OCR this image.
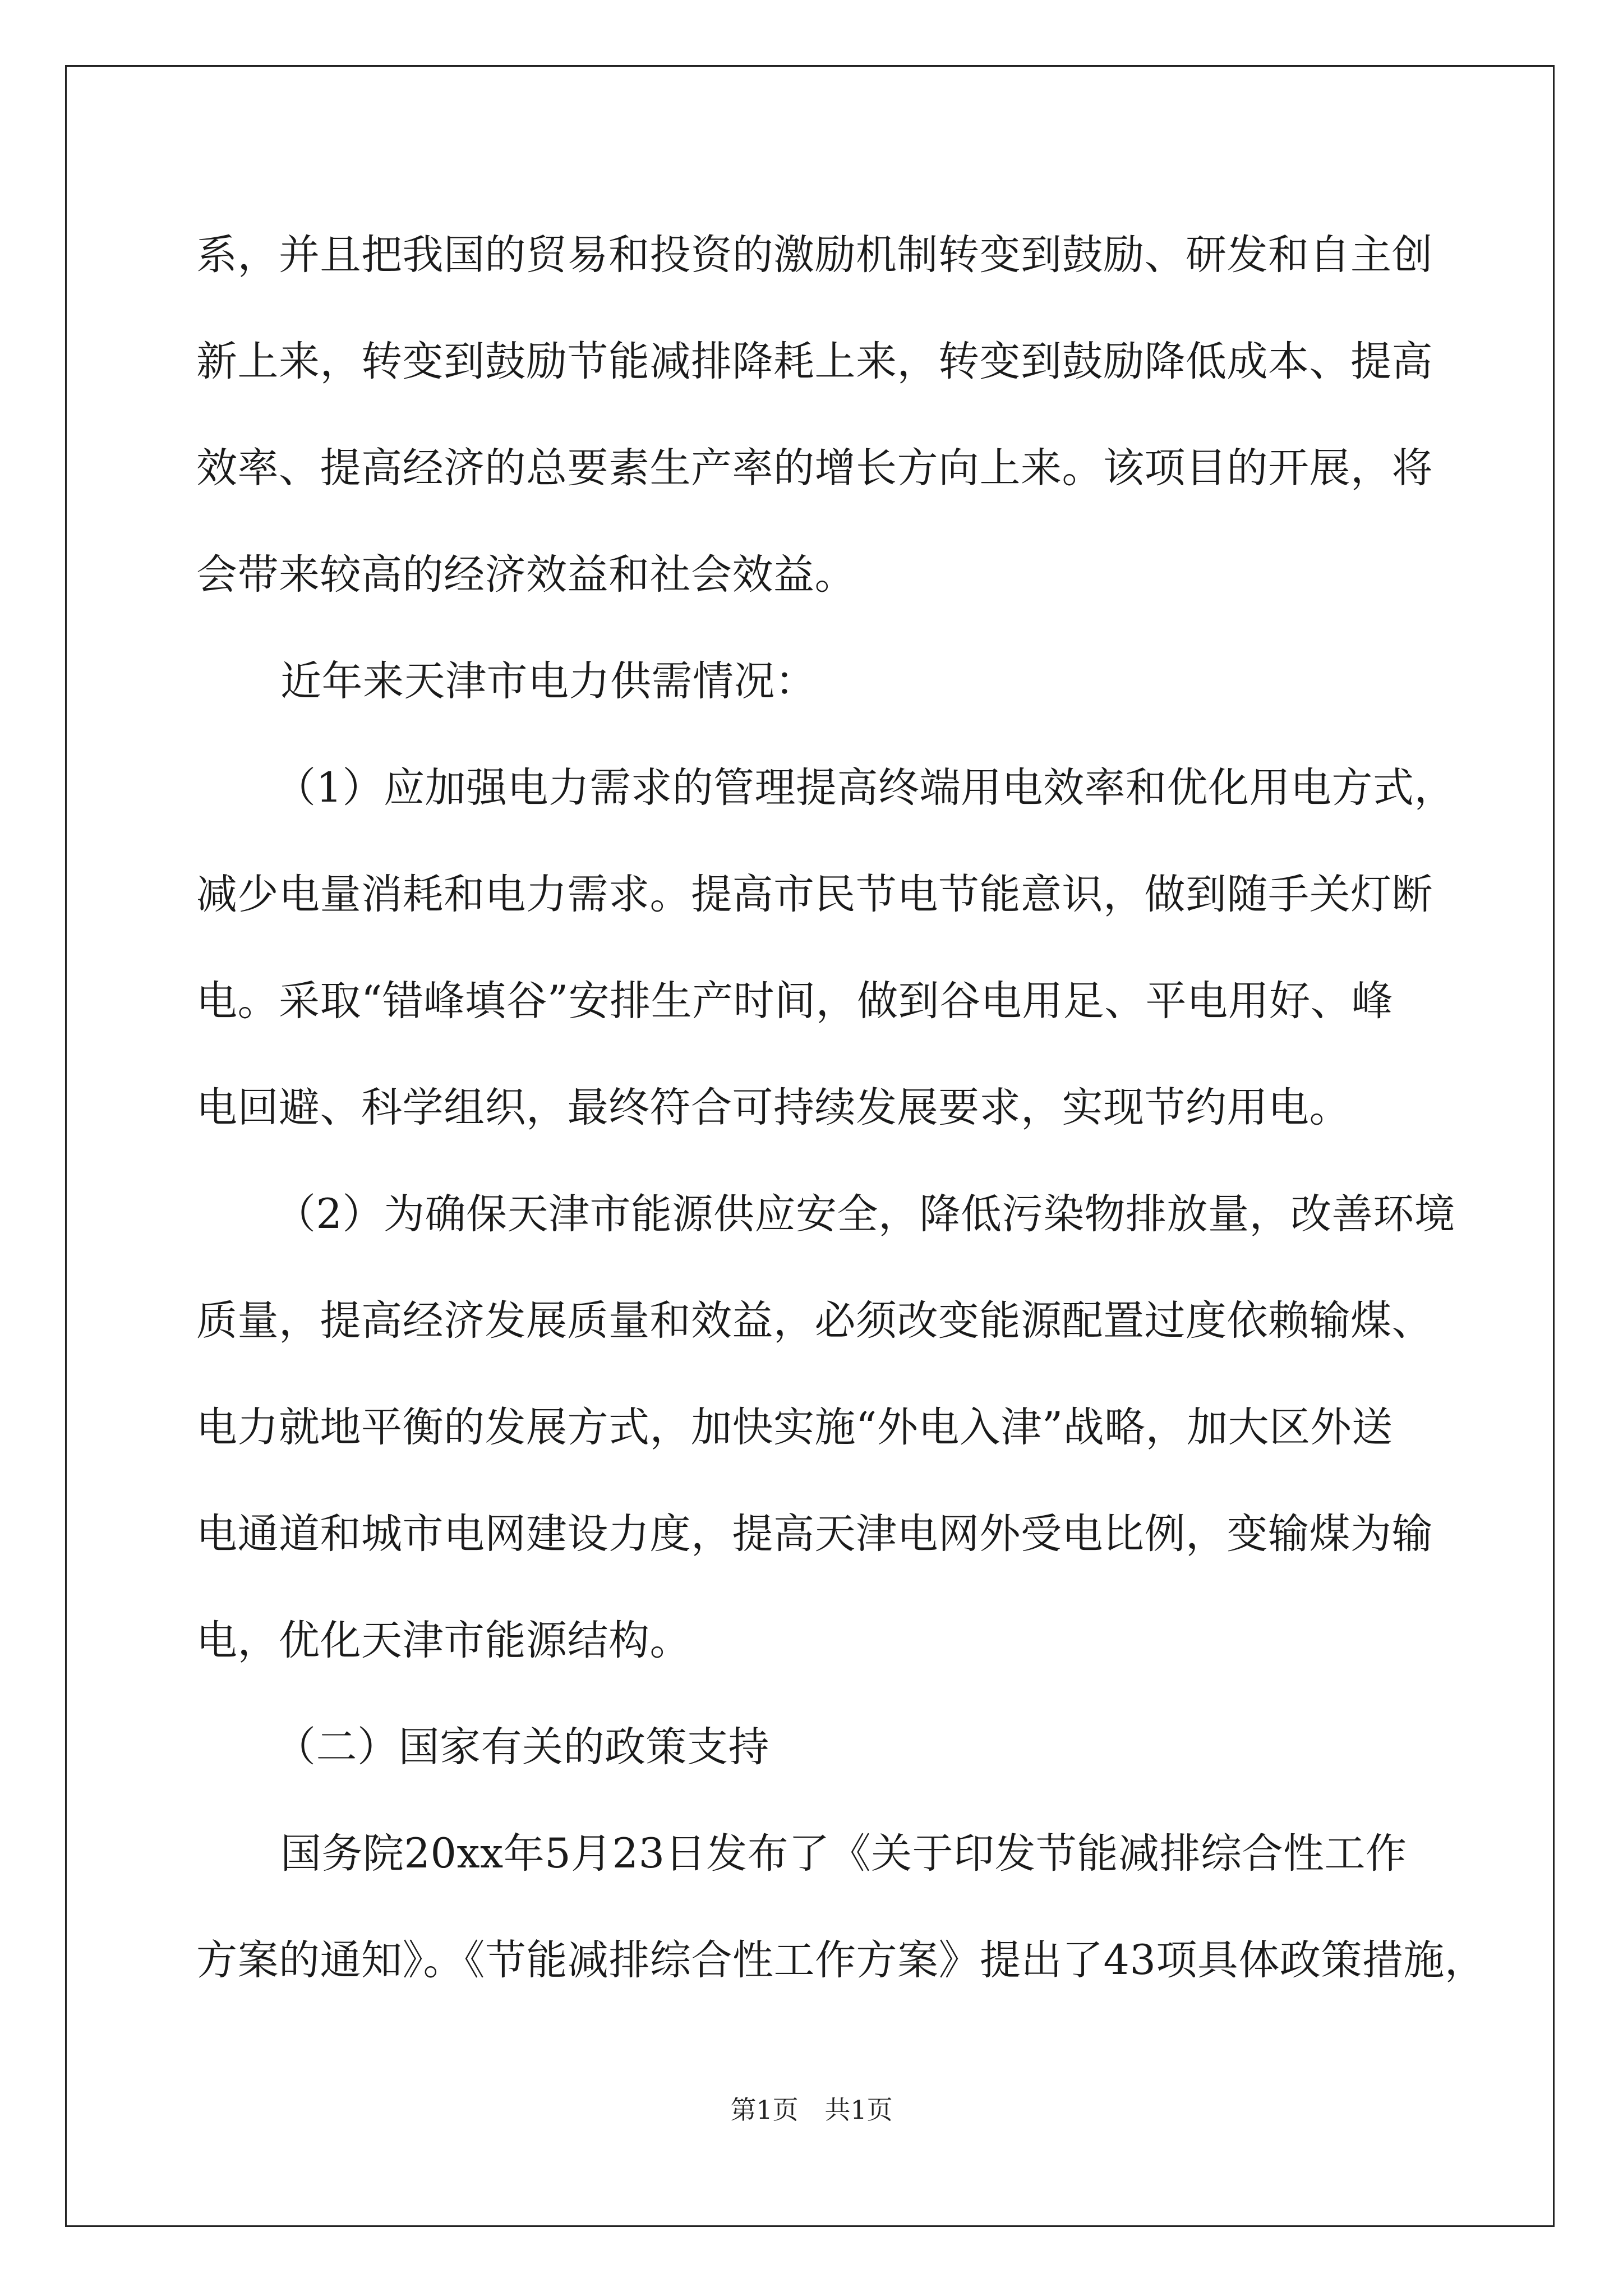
系，并且把我国的贸易和投资的激励机制转变到鼓励、研发和自主创

新上来，转变到鼓励节能减排降耗上来，转变到鼓励降低成本、提高

效率、提高经济的总要素生产率的增长方向上来。该项目的开展，将

会带来较高的经济效益和社会效益。

近年来天津市电力供需情况：

（1）应加强电力需求的管理提高终端用电效率和优化用电方式，

减少电量消耗和电力需求。提高市民节电节能意识，做到随手关灯断

电。采取“错峰填谷”安排生产时间，做到谷电用足、平电用好、峰

电回避、科学组织，最终符合可持续发展要求，实现节约用电。

（2）为确保天津市能源供应安全，降低污染物排放量，改善环境

质量，提高经济发展质量和效益，必须改变能源配置过度依赖输煤、

电力就地平衡的发展方式，加快实施“外电入津”战略，加大区外送

电通道和城市电网建设力度，提高天津电网外受电比例，变输煤为输

电，优化天津市能源结构。

（二）国家有关的政策支持

国务院20xx年5月23日发布了《关于印发节能减排综合性工作

方案的通知》。《节能减排综合性工作方案》提出了43项具体政策措施，

第1页 共1页
